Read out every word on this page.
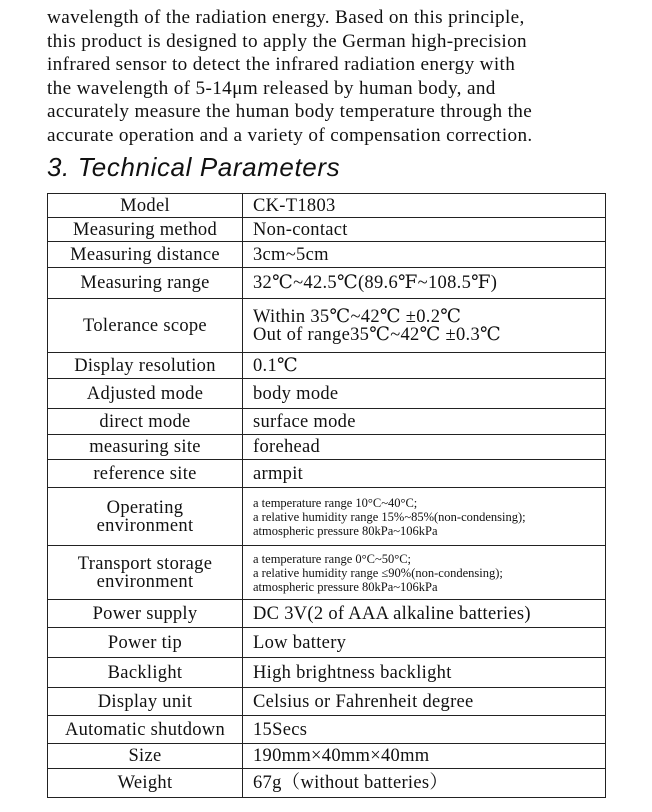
wavelength of the radiation energy. Based on this principle,
this product is designed to apply the German high-precision
infrared sensor to detect the infrared radiation energy with
the wavelength of 5-14μm released by human body, and
accurately measure the human body temperature through the
accurate operation and a variety of compensation correction.
3. Technical Parameters
Model	CK-T1803

Measuring method	Non-contact

Measuring distance	3cm~5cm

Measuring range	32℃~42.5℃(89.6℉~108.5℉)

Tolerance scope	Within 35℃~42℃ ±0.2℃
Out of range35℃~42℃ ±0.3℃

Display resolution	0.1℃

Adjusted mode	body mode

direct mode	surface mode

measuring site	forehead

reference site	armpit

Operating
environment	a temperature range 10°C~40°C;
a relative humidity range 15%~85%(non-condensing);
atmospheric pressure 80kPa~106kPa

Transport storage
environment	a temperature range 0°C~50°C;
a relative humidity range ≤90%(non-condensing);
atmospheric pressure 80kPa~106kPa

Power supply	DC 3V(2 of AAA alkaline batteries)

Power tip	Low battery

Backlight	High brightness backlight

Display unit	Celsius or Fahrenheit degree

Automatic shutdown	15Secs

Size	190mm×40mm×40mm

Weight	67g（without batteries）
